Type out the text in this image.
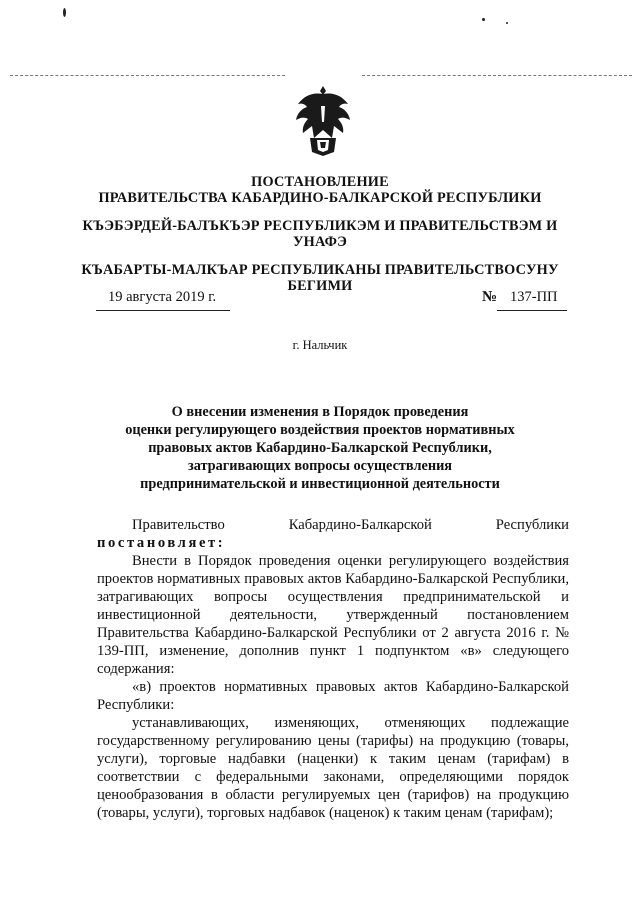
ПОСТАНОВЛЕНИЕ
ПРАВИТЕЛЬСТВА КАБАРДИНО-БАЛКАРСКОЙ РЕСПУБЛИКИ
КЪЭБЭРДЕЙ-БАЛЪКЪЭР РЕСПУБЛИКЭМ И ПРАВИТЕЛЬСТВЭМ И
УНАФЭ
КЪАБАРТЫ-МАЛКЪАР РЕСПУБЛИКАНЫ ПРАВИТЕЛЬСТВОСУНУ
БЕГИМИ
19 августа 2019 г.	№ 137-ПП
г. Нальчик
О внесении изменения в Порядок проведения
оценки регулирующего воздействия проектов нормативных
правовых актов Кабардино-Балкарской Республики,
затрагивающих вопросы осуществления
предпринимательской и инвестиционной деятельности

Правительство Кабардино-Балкарской Республики

постановляет:

Внести в Порядок проведения оценки регулирующего воздействия проектов нормативных правовых актов Кабардино-Балкарской Республики, затрагивающих вопросы осуществления предпринимательской и инвестиционной деятельности, утвержденный постановлением Правительства Кабардино-Балкарской Республики от 2 августа 2016 г. № 139-ПП, изменение, дополнив пункт 1 подпунктом «в» следующего содержания:

«в) проектов нормативных правовых актов Кабардино-Балкарской Республики:

устанавливающих, изменяющих, отменяющих подлежащие государственному регулированию цены (тарифы) на продукцию (товары, услуги), торговые надбавки (наценки) к таким ценам (тарифам) в соответствии с федеральными законами, определяющими порядок ценообразования в области регулируемых цен (тарифов) на продукцию (товары, услуги), торговых надбавок (наценок) к таким ценам (тарифам);
